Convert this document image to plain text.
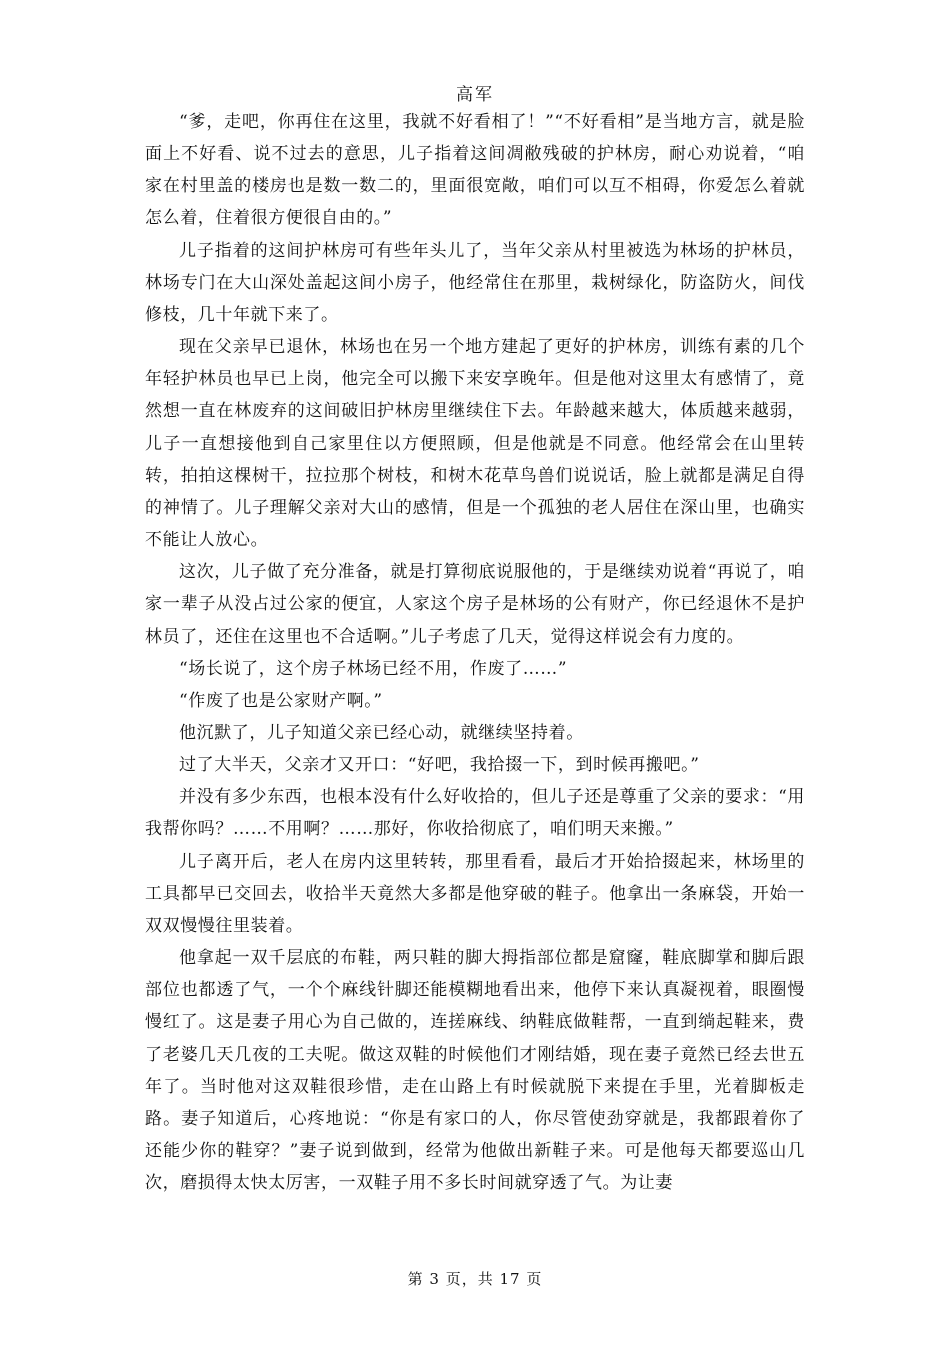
高军

“爹，走吧，你再住在这里，我就不好看相了！”“不好看相”是当地方言，就是脸面上不好看、说不过去的意思，儿子指着这间凋敝残破的护林房，耐心劝说着，“咱家在村里盖的楼房也是数一数二的，里面很宽敞，咱们可以互不相碍，你爱怎么着就怎么着，住着很方便很自由的。”

儿子指着的这间护林房可有些年头儿了，当年父亲从村里被选为林场的护林员，林场专门在大山深处盖起这间小房子，他经常住在那里，栽树绿化，防盗防火，间伐修枝，几十年就下来了。

现在父亲早已退休，林场也在另一个地方建起了更好的护林房，训练有素的几个年轻护林员也早已上岗，他完全可以搬下来安享晚年。但是他对这里太有感情了，竟然想一直在林废弃的这间破旧护林房里继续住下去。年龄越来越大，体质越来越弱，儿子一直想接他到自己家里住以方便照顾，但是他就是不同意。他经常会在山里转转，拍拍这棵树干，拉拉那个树枝，和树木花草鸟兽们说说话，脸上就都是满足自得的神情了。儿子理解父亲对大山的感情，但是一个孤独的老人居住在深山里，也确实不能让人放心。

这次，儿子做了充分准备，就是打算彻底说服他的，于是继续劝说着“再说了，咱家一辈子从没占过公家的便宜，人家这个房子是林场的公有财产，你已经退休不是护林员了，还住在这里也不合适啊。”儿子考虑了几天，觉得这样说会有力度的。

“场长说了，这个房子林场已经不用，作废了……”

“作废了也是公家财产啊。”

他沉默了，儿子知道父亲已经心动，就继续坚持着。

过了大半天，父亲才又开口：“好吧，我拾掇一下，到时候再搬吧。”

并没有多少东西，也根本没有什么好收拾的，但儿子还是尊重了父亲的要求：“用我帮你吗？……不用啊？……那好，你收拾彻底了，咱们明天来搬。”

儿子离开后，老人在房内这里转转，那里看看，最后才开始拾掇起来，林场里的工具都早已交回去，收拾半天竟然大多都是他穿破的鞋子。他拿出一条麻袋，开始一双双慢慢往里装着。

他拿起一双千层底的布鞋，两只鞋的脚大拇指部位都是窟窿，鞋底脚掌和脚后跟部位也都透了气，一个个麻线针脚还能模糊地看出来，他停下来认真凝视着，眼圈慢慢红了。这是妻子用心为自己做的，连搓麻线、纳鞋底做鞋帮，一直到绱起鞋来，费了老婆几天几夜的工夫呢。做这双鞋的时候他们才刚结婚，现在妻子竟然已经去世五年了。当时他对这双鞋很珍惜，走在山路上有时候就脱下来提在手里，光着脚板走路。妻子知道后，心疼地说：“你是有家口的人，你尽管使劲穿就是，我都跟着你了还能少你的鞋穿？”妻子说到做到，经常为他做出新鞋子来。可是他每天都要巡山几次，磨损得太快太厉害，一双鞋子用不多长时间就穿透了气。为让妻

第 3 页，共 17 页
